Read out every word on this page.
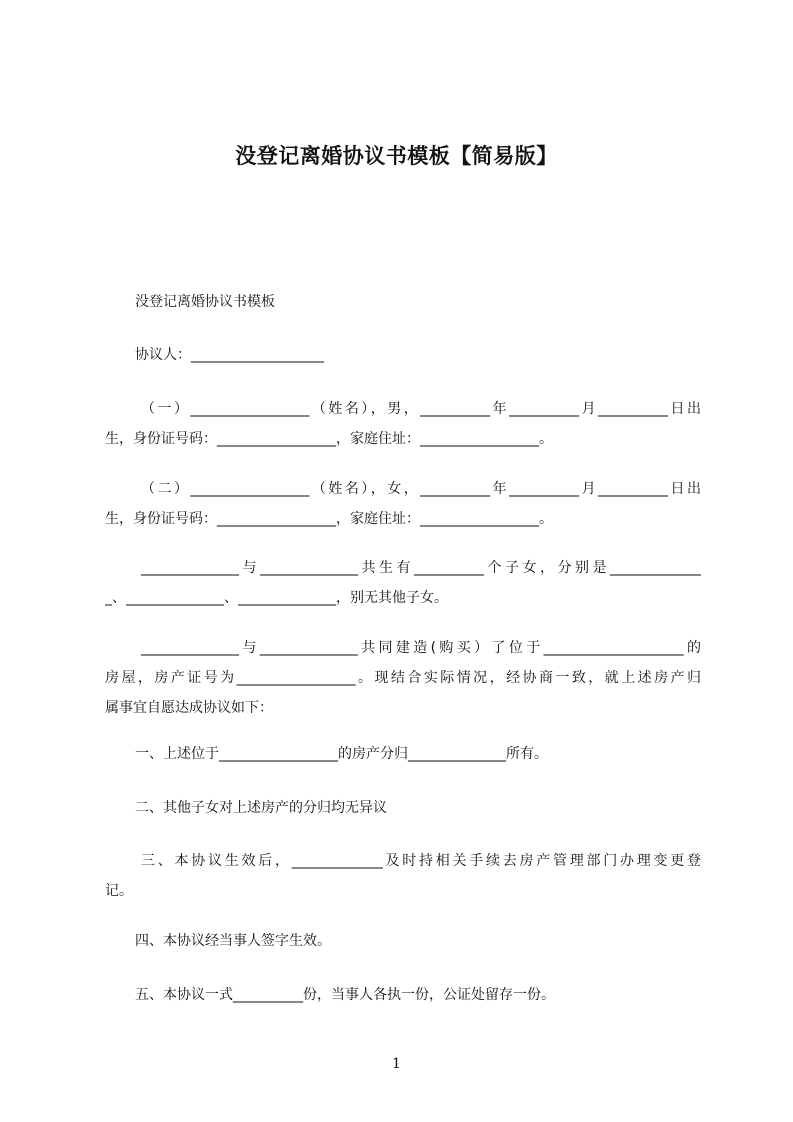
没登记离婚协议书模板【简易版】

没登记离婚协议书模板

协议人：___________________

（一）_________________（姓名），男，__________年__________月__________日出
生，身份证号码：_________________，家庭住址：_________________。

（二）_________________（姓名），女，__________年__________月__________日出
生，身份证号码：_________________，家庭住址：_________________。

______________与______________共生有__________个子女，分别是_____________
_、______________、______________，别无其他子女。

______________与______________共同建造(购买）了位于____________________的
房屋，房产证号为_________________。现结合实际情况，经协商一致，就上述房产归
属事宜自愿达成协议如下：

一、上述位于_________________的房产分归______________所有。

二、其他子女对上述房产的分归均无异议

三、本协议生效后，_____________及时持相关手续去房产管理部门办理变更登
记。

四、本协议经当事人签字生效。

五、本协议一式__________份，当事人各执一份，公证处留存一份。

1
